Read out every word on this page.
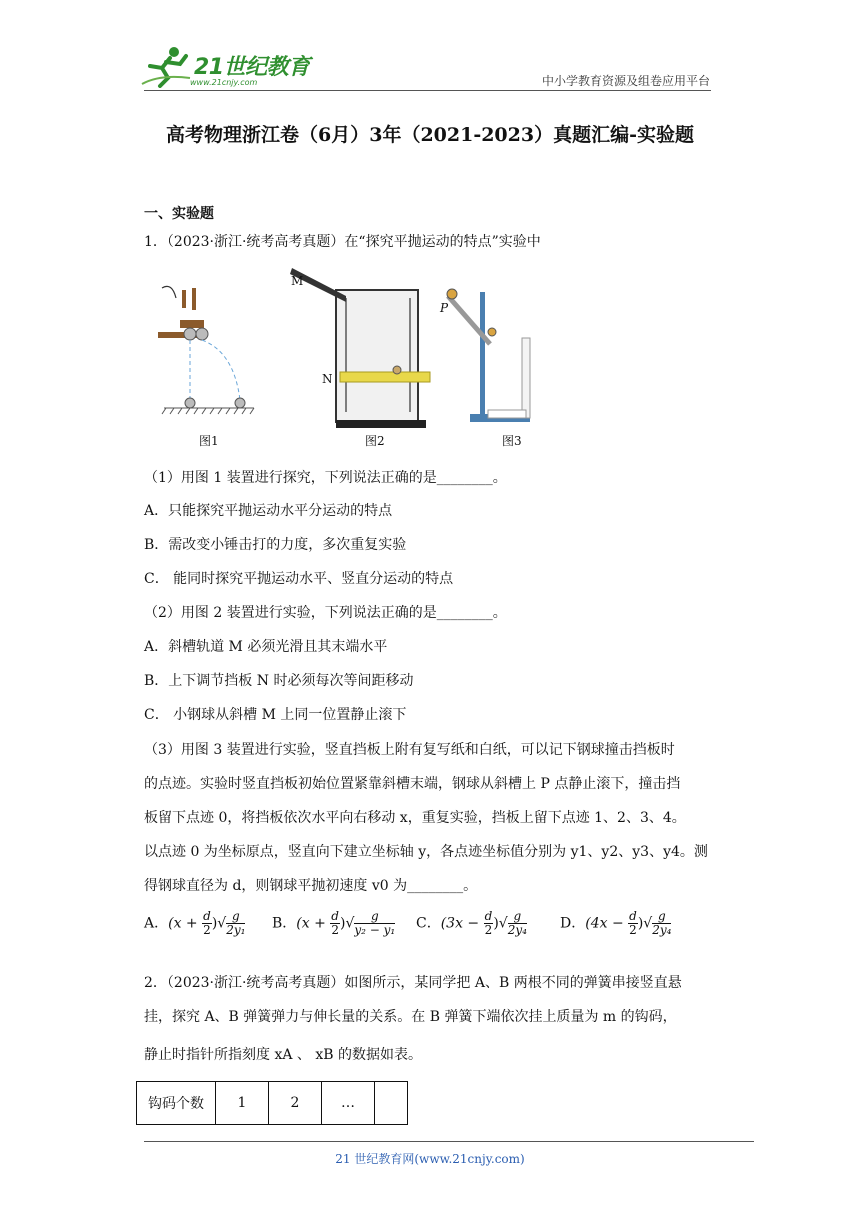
21世纪教育
www.21cnjy.com	中小学教育资源及组卷应用平台
高考物理浙江卷（6月）3年（2021-2023）真题汇编-实验题
一、实验题
1．（2023·浙江·统考高考真题）在“探究平抛运动的特点”实验中
M
N
P
图1	图2	图3
（1）用图 1 装置进行探究，下列说法正确的是________。
A．只能探究平抛运动水平分运动的特点
B．需改变小锤击打的力度，多次重复实验
C． 能同时探究平抛运动水平、竖直分运动的特点
（2）用图 2 装置进行实验，下列说法正确的是________。
A．斜槽轨道 M 必须光滑且其末端水平
B．上下调节挡板 N 时必须每次等间距移动
C． 小钢球从斜槽 M 上同一位置静止滚下
（3）用图 3 装置进行实验，竖直挡板上附有复写纸和白纸，可以记下钢球撞击挡板时
的点迹。实验时竖直挡板初始位置紧靠斜槽末端，钢球从斜槽上 P 点静止滚下，撞击挡
板留下点迹 0，将挡板依次水平向右移动 x，重复实验，挡板上留下点迹 1、2、3、4。
以点迹 0 为坐标原点，竖直向下建立坐标轴 y，各点迹坐标值分别为 y1、y2、y3、y4。测
得钢球直径为 d，则钢球平抛初速度 v0 为________。
A．($x + \frac{d}{2}$ )√ $\frac{g}{\text{2y₁}}$ B．($x + \frac{d}{2}$ )√ $\frac{g}{\text{y₂ − y₁}}$ C．($3x - \frac{d}{2}$ )√ $\frac{g}{\text{2y₄}}$ D．($4x - \frac{d}{2}$ )√ $\frac{g}{\text{2y₄}}$
2．（2023·浙江·统考高考真题）如图所示，某同学把 A、B 两根不同的弹簧串接竖直悬
挂，探究 A、B 弹簧弹力与伸长量的关系。在 B 弹簧下端依次挂上质量为 m 的钩码，
静止时指针所指刻度 xA 、 xB 的数据如表。
钩码个数	1	2	…	
21 世纪教育网(www.21cnjy.com)
